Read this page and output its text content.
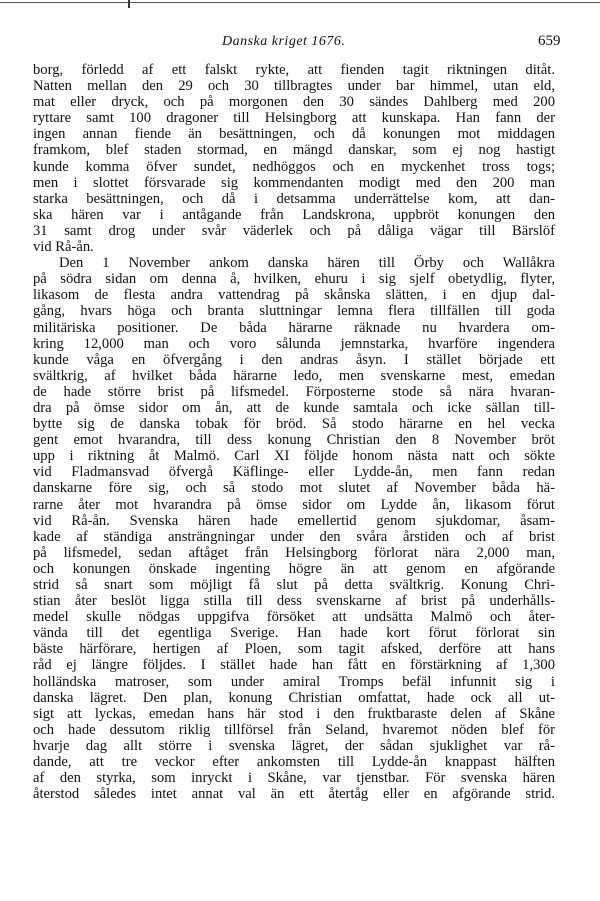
Danska kriget 1676.	659
borg, förledd af ett falskt rykte, att fienden tagit riktningen ditåt.
Natten mellan den 29 och 30 tillbragtes under bar himmel, utan eld,
mat eller dryck, och på morgonen den 30 sändes Dahlberg med 200
ryttare samt 100 dragoner till Helsingborg att kunskapa. Han fann der
ingen annan fiende än besättningen, och då konungen mot middagen
framkom, blef staden stormad, en mängd danskar, som ej nog hastigt
kunde komma öfver sundet, nedhöggos och en myckenhet tross togs;
men i slottet försvarade sig kommendanten modigt med den 200 man
starka besättningen, och då i detsamma underrättelse kom, att dan-
ska hären var i antågande från Landskrona, uppbröt konungen den
31 samt drog under svår väderlek och på dåliga vägar till Bärslöf
vid Rå-ån.
Den 1 November ankom danska hären till Örby och Wallåkra
på södra sidan om denna å, hvilken, ehuru i sig sjelf obetydlig, flyter,
likasom de flesta andra vattendrag på skånska slätten, i en djup dal-
gång, hvars höga och branta sluttningar lemna flera tillfällen till goda
militäriska positioner. De båda härarne räknade nu hvardera om-
kring 12,000 man och voro sålunda jemnstarka, hvarföre ingendera
kunde våga en öfvergång i den andras åsyn. I stället började ett
svältkrig, af hvilket båda härarne ledo, men svenskarne mest, emedan
de hade större brist på lifsmedel. Förposterne stode så nära hvaran-
dra på ömse sidor om ån, att de kunde samtala och icke sällan till-
bytte sig de danska tobak för bröd. Så stodo härarne en hel vecka
gent emot hvarandra, till dess konung Christian den 8 November bröt
upp i riktning åt Malmö. Carl XI följde honom nästa natt och sökte
vid Fladmansvad öfvergå Käflinge- eller Lydde-ån, men fann redan
danskarne före sig, och så stodo mot slutet af November båda hä-
rarne åter mot hvarandra på ömse sidor om Lydde ån, likasom förut
vid Rå-ån. Svenska hären hade emellertid genom sjukdomar, åsam-
kade af ständiga ansträngningar under den svåra årstiden och af brist
på lifsmedel, sedan aftåget från Helsingborg förlorat nära 2,000 man,
och konungen önskade ingenting högre än att genom en afgörande
strid så snart som möjligt få slut på detta svältkrig. Konung Chri-
stian åter beslöt ligga stilla till dess svenskarne af brist på underhålls-
medel skulle nödgas uppgifva försöket att undsätta Malmö och åter-
vända till det egentliga Sverige. Han hade kort förut förlorat sin
bäste härförare, hertigen af Ploen, som tagit afsked, derföre att hans
råd ej längre följdes. I stället hade han fått en förstärkning af 1,300
holländska matroser, som under amiral Tromps befäl infunnit sig i
danska lägret. Den plan, konung Christian omfattat, hade ock all ut-
sigt att lyckas, emedan hans här stod i den fruktbaraste delen af Skåne
och hade dessutom riklig tillförsel från Seland, hvaremot nöden blef för
hvarje dag allt större i svenska lägret, der sådan sjuklighet var rå-
dande, att tre veckor efter ankomsten till Lydde-ån knappast hälften
af den styrka, som inryckt i Skåne, var tjenstbar. För svenska hären
återstod således intet annat val än ett återtåg eller en afgörande strid.
